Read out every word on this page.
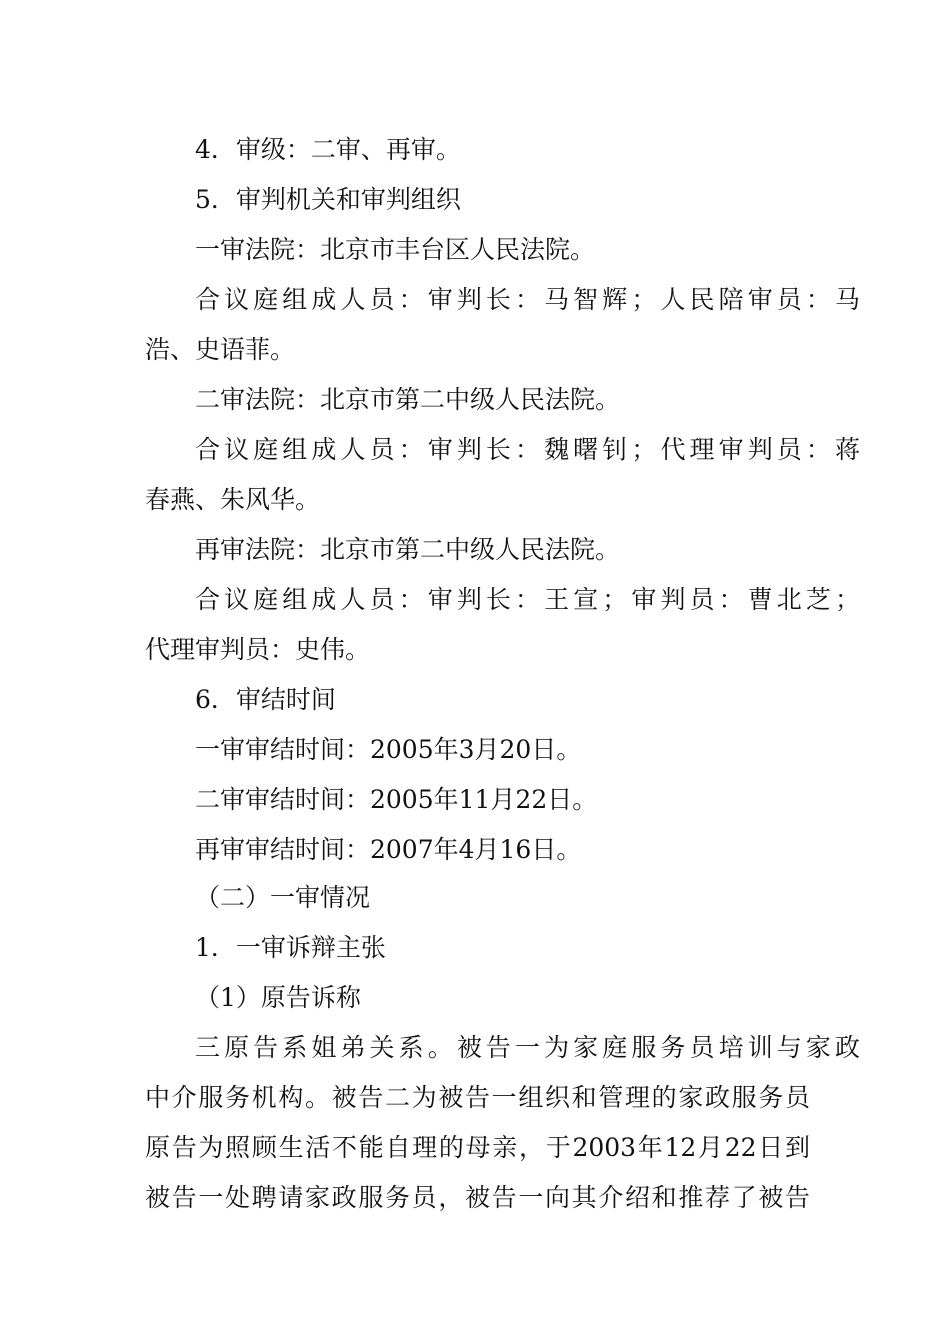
4．审级：二审、再审。
5．审判机关和审判组织
一审法院：北京市丰台区人民法院。
合议庭组成人员：审判长：马智辉；人民陪审员：马
浩、史语菲。
二审法院：北京市第二中级人民法院。
合议庭组成人员：审判长：魏曙钊；代理审判员：蒋
春燕、朱风华。
再审法院：北京市第二中级人民法院。
合议庭组成人员：审判长：王宣；审判员：曹北芝；
代理审判员：史伟。
6．审结时间
一审审结时间：2005年3月20日。
二审审结时间：2005年11月22日。
再审审结时间：2007年4月16日。
（二）一审情况
1．一审诉辩主张
（1）原告诉称
三原告系姐弟关系。被告一为家庭服务员培训与家政
中介服务机构。被告二为被告一组织和管理的家政服务员
原告为照顾生活不能自理的母亲，于2003年12月22日到
被告一处聘请家政服务员，被告一向其介绍和推荐了被告
